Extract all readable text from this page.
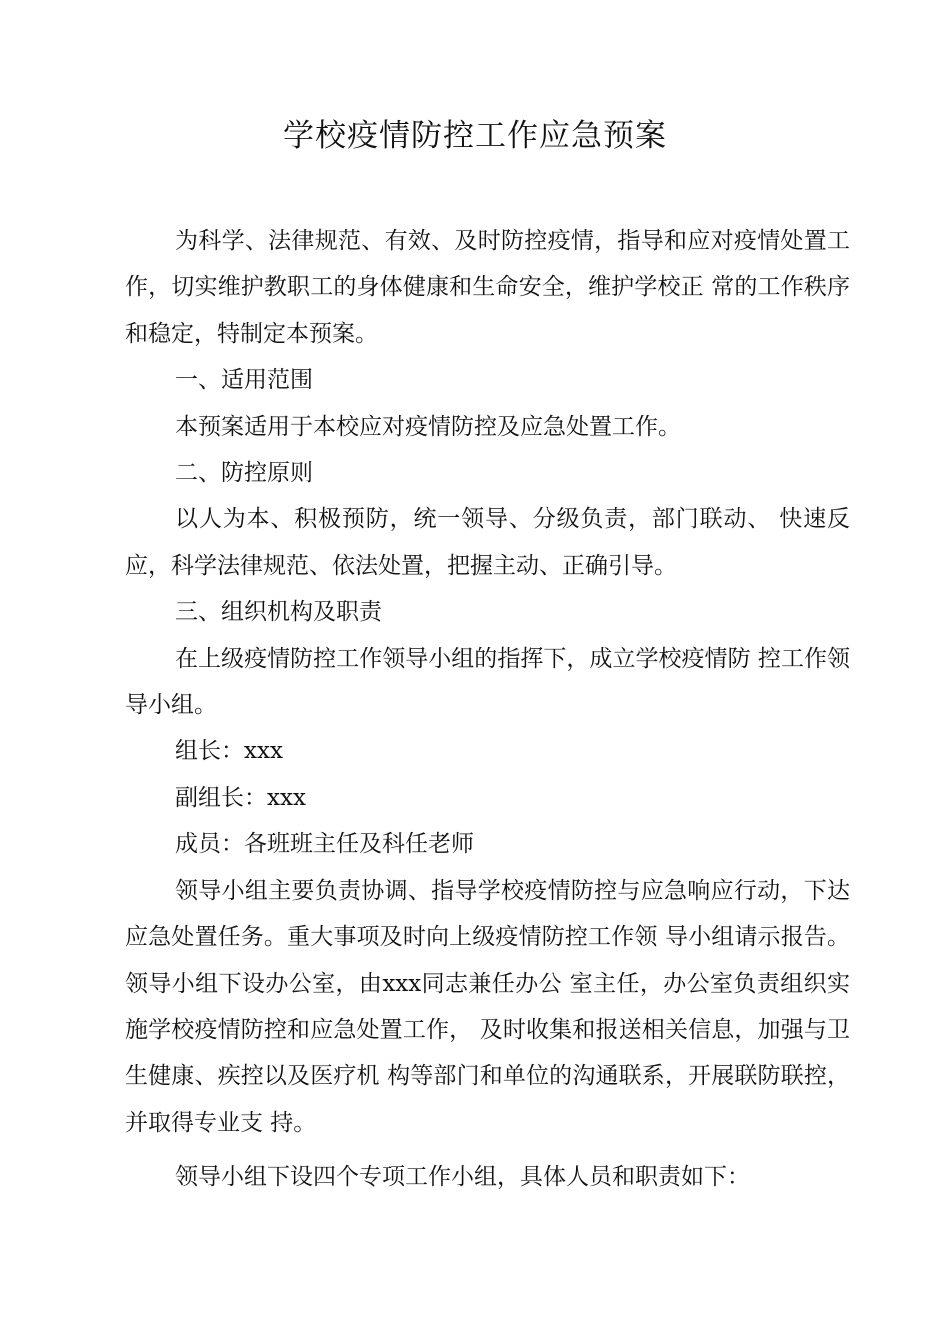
学校疫情防控工作应急预案

为科学、法律规范、有效、及时防控疫情，指导和应对疫情处置工作，切实维护教职工的身体健康和生命安全，维护学校正 常的工作秩序和稳定，特制定本预案。

一、适用范围

本预案适用于本校应对疫情防控及应急处置工作。

二、防控原则

以人为本、积极预防，统一领导、分级负责，部门联动、 快速反应，科学法律规范、依法处置，把握主动、正确引导。

三、组织机构及职责

在上级疫情防控工作领导小组的指挥下，成立学校疫情防 控工作领导小组。

组长：xxx

副组长：xxx

成员：各班班主任及科任老师

领导小组主要负责协调、指导学校疫情防控与应急响应行动，下达应急处置任务。重大事项及时向上级疫情防控工作领 导小组请示报告。领导小组下设办公室，由xxx同志兼任办公 室主任，办公室负责组织实施学校疫情防控和应急处置工作， 及时收集和报送相关信息，加强与卫生健康、疾控以及医疗机 构等部门和单位的沟通联系，开展联防联控，并取得专业支 持。

领导小组下设四个专项工作小组，具体人员和职责如下：
